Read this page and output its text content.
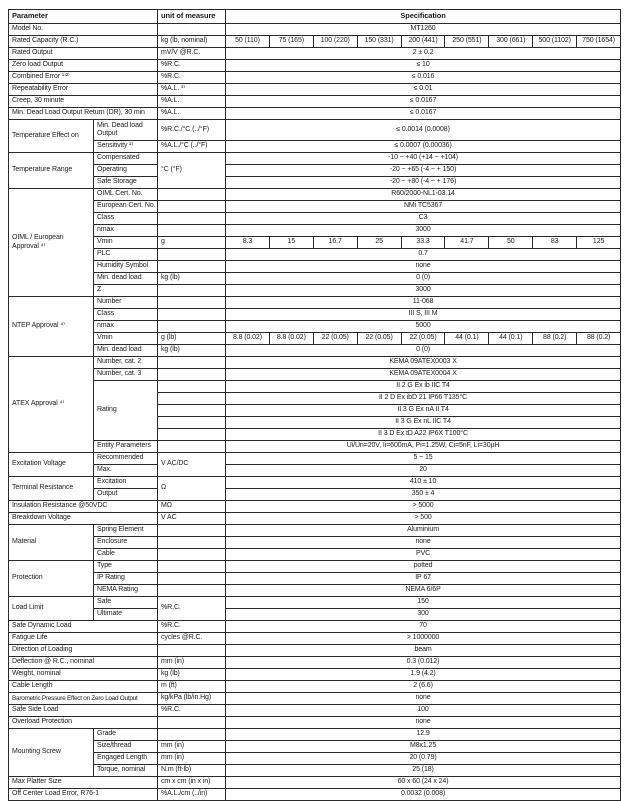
Parameter		unit of measure	Specification								
Model No.			MT1260								
Rated Capacity (R.C.)		kg (lb, nominal)	50 (110)	75 (165)	100 (220)	150 (331)	200 (441)	250 (551)	300 (661)	500 (1102)	750 (1654)
Rated Output		mV/V @R.C.	2 ± 0.2								
Zero load Output		%R.C.	≤ 10								
Combined Error ¹⁾²⁾		%R.C.	≤ 0.016								
Repeatability Error		%A.L. ³⁾	≤ 0.01								
Creep, 30 minute		%A.L.	≤ 0.0167								
Min. Dead Load Output Return (DR), 30 min		%A.L.	≤ 0.0167								
Temperature Effect on	Min. Dead load Output	%R.C./°C (../°F)	≤ 0.0014 (0.0008)								
	Sensitivity ²⁾	%A.L./°C (../°F)	≤ 0.0007 (0.00036)								
Temperature Range	Compensated	°C (°F)	-10 ~ +40 (+14 ~ +104)								
	Operating		-20 ~ +65 (-4 ~ + 150)								
	Safe Storage		-20 ~ +80 (-4 ~ + 176)								
OIML / European Approval ⁴⁾	OIML Cert. No.		R60/2000-NL1-03.14								
	European Cert. No.		NMi TC5367								
	Class		C3								
	nmax		3000								
	Vmin	g	8.3	15	16.7	25	33.3	41.7	50	83	125
	PLC		0.7								
	Humidity Symbol		none								
	Min. dead load	kg (lb)	0 (0)								
	Z		3000								
NTEP Approval ⁴⁾	Number		11-068								
	Class		III S, III M								
	nmax		5000								
	Vmin	g (lb)	8.8 (0.02)	8.8 (0.02)	22 (0.05)	22 (0.05)	22 (0.05)	44 (0.1)	44 (0.1)	88 (0.2)	88 (0.2)
	Min. dead load	kg (lb)	0 (0)								
ATEX Approval ⁴⁾	Number, cat. 2		KEMA 09ATEX0003 X								
	Number, cat. 3		KEMA 09ATEX0004 X								
	Rating		II 2 G Ex ib IIC T4								
			II 2 D Ex ibD 21 IP66 T135°C								
			II 3 G Ex nA II T4								
			II 3 G Ex nL IIC T4								
			II 3 D Ex tD A22 IP6X T100°C								
	Entity Parameters		Ui/Un=20V, Ii=600mA, Pi=1.25W, Ci=5nF, Li=30µH								
Excitation Voltage	Recommended	V AC/DC	5 ~ 15								
	Max.		20								
Terminal Resistance	Excitation	Ω	410 ± 10								
	Output		350 ± 4								
Insulation Resistance @50VDC		MΩ	> 5000								
Breakdown Voltage		V AC	> 500								
Material	Spring Element		Aluminium								
	Enclosure		none								
	Cable		PVC								
Protection	Type		potted								
	IP Rating		IP 67								
	NEMA Rating		NEMA 6/6P								
Load Limit	Safe	%R.C.	150								
	Ultimate		300								
Safe Dynamic Load		%R.C.	70								
Fatigue Life		cycles @R.C.	> 1000000								
Direction of Loading			beam								
Deflection @ R.C., nominal		mm (in)	0.3 (0.012)								
Weight, nominal		kg (lb)	1.9 (4.2)								
Cable Length		m (ft)	2 (6.6)								
Barometric Pressure Effect on Zero Load Output		kg/kPa (lb/in.Hg)	none								
Safe Side Load		%R.C.	100								
Overload Protection			none								
Mounting Screw	Grade		12.9								
	Size/thread	mm (in)	M8x1.25								
	Engaged Length	mm (in)	20 (0.79)								
	Torque, nominal	N.m (ft-lb)	25 (18)								
Max Platter Size		cm x cm (in x in)	60 x 60 (24 x 24)								
Off Center Load Error, R76-1		%A.L./cm (../in)	0.0032 (0.008)								
